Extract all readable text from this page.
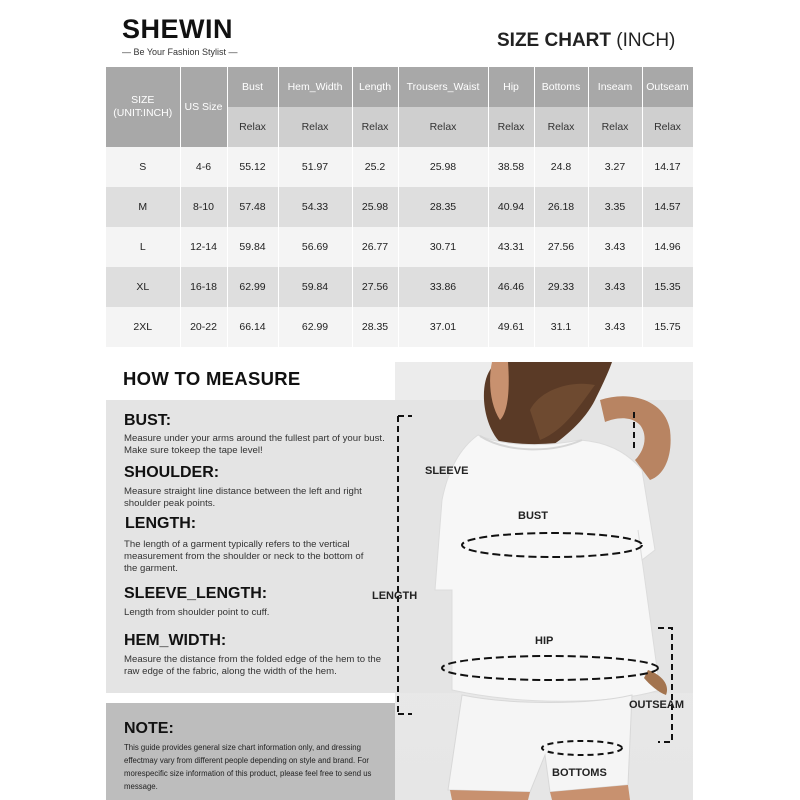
SHEWIN
— Be Your Fashion Stylist —
SIZE CHART (INCH)
SIZE (UNIT:INCH)	US Size	Bust	Hem_Width	Length	Trousers_Waist	Hip	Bottoms	Inseam	Outseam
		Relax	Relax	Relax	Relax	Relax	Relax	Relax	Relax
S	4-6	55.12	51.97	25.2	25.98	38.58	24.8	3.27	14.17
M	8-10	57.48	54.33	25.98	28.35	40.94	26.18	3.35	14.57
L	12-14	59.84	56.69	26.77	30.71	43.31	27.56	3.43	14.96
XL	16-18	62.99	59.84	27.56	33.86	46.46	29.33	3.43	15.35
2XL	20-22	66.14	62.99	28.35	37.01	49.61	31.1	3.43	15.75
HOW TO MEASURE
BUST:
Measure under your arms around the fullest part of your bust. Make sure tokeep the tape level!
SHOULDER:
Measure straight line distance between the left and right shoulder peak points.
LENGTH:
The length of a garment typically refers to the vertical measurement from the shoulder or neck to the bottom of the garment.
SLEEVE_LENGTH:
Length from shoulder point to cuff.
HEM_WIDTH:
Measure the distance from the folded edge of the hem to the raw edge of the fabric, along the width of the hem.
SLEEVE
BUST
LENGTH
HIP
OUTSEAM
BOTTOMS
NOTE:
This guide provides general size chart information only, and dressing effectmay vary from different people depending on style and brand. For morespecific size information of this product, please feel free to send us message.
